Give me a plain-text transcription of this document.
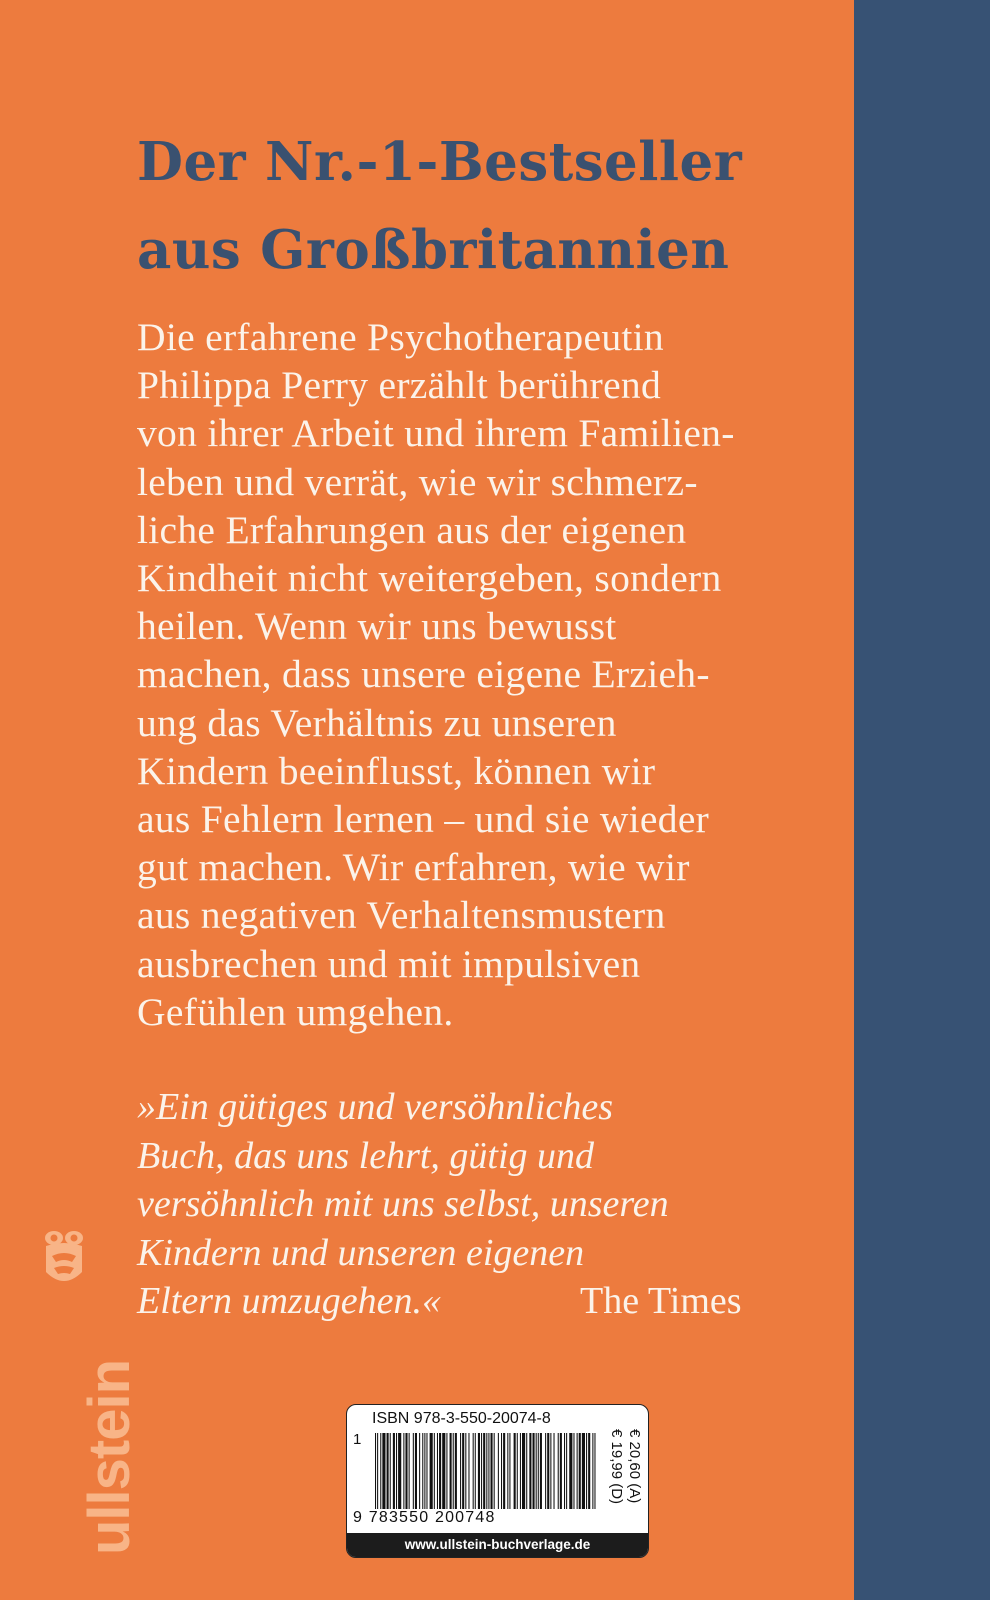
Der Nr.-1-Bestseller
aus Großbritannien
Die erfahrene Psychotherapeutin
Philippa Perry erzählt berührend
von ihrer Arbeit und ihrem Familien-
leben und verrät, wie wir schmerz-
liche Erfahrungen aus der eigenen
Kindheit nicht weitergeben, sondern
heilen. Wenn wir uns bewusst
machen, dass unsere eigene Erzieh-
ung das Verhältnis zu unseren
Kindern beeinflusst, können wir
aus Fehlern lernen – und sie wieder
gut machen. Wir erfahren, wie wir
aus negativen Verhaltensmustern
ausbrechen und mit impulsiven
Gefühlen umgehen.
»Ein gütiges und versöhnliches
Buch, das uns lehrt, gütig und
versöhnlich mit uns selbst, unseren
Kindern und unseren eigenen
Eltern umzugehen.«	The Times
ullstein	ISBN 978-3-550-20074-8
1
9 783550 200748
€ 19,99 (D) € 20,60 (A)
www.ullstein-buchverlage.de
